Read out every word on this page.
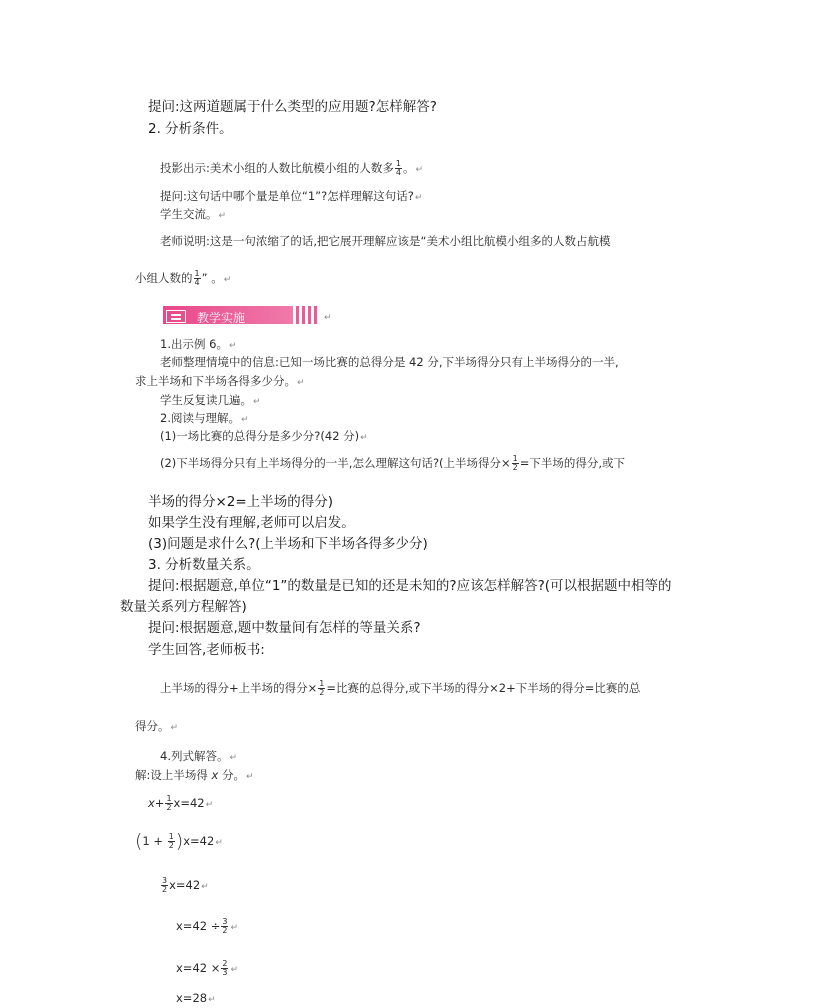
提问:这两道题属于什么类型的应用题?怎样解答?
2. 分析条件。
投影出示:美术小组的人数比航模小组的人数多 $\frac{1}{4}$ 。↵
提问:这句话中哪个量是单位“1”?怎样理解这句话?↵
学生交流。↵
老师说明:这是一句浓缩了的话,把它展开理解应该是“美术小组比航模小组多的人数占航模
小组人数的 $\frac{1}{4}$ ” 。↵
教学实施	↵
1.出示例 6。↵
老师整理情境中的信息:已知一场比赛的总得分是 42 分,下半场得分只有上半场得分的一半,
求上半场和下半场各得多少分。↵
学生反复读几遍。↵
2.阅读与理解。↵
(1)一场比赛的总得分是多少分?(42 分)↵
(2)下半场得分只有上半场得分的一半,怎么理解这句话?(上半场得分× $\frac{1}{2}$ =下半场的得分,或下
半场的得分×2=上半场的得分)
如果学生没有理解,老师可以启发。
(3)问题是求什么?(上半场和下半场各得多少分)
3. 分析数量关系。
提问:根据题意,单位“1”的数量是已知的还是未知的?应该怎样解答?(可以根据题中相等的
数量关系列方程解答)
提问:根据题意,题中数量间有怎样的等量关系?
学生回答,老师板书:
上半场的得分+上半场的得分× $\frac{1}{2}$ =比赛的总得分,或下半场的得分×2+下半场的得分=比赛的总
得分。↵
4.列式解答。↵
解:设上半场得 x 分。↵
$x+ \frac{1}{2}$ x=42↵
($1 + \frac{1}{2}$ )x=42↵
$\frac{3}{2}$ x=42↵
$x=42 \div \frac{3}{2}$ ↵
$x=42 \times \frac{2}{3}$ ↵
x=28↵
